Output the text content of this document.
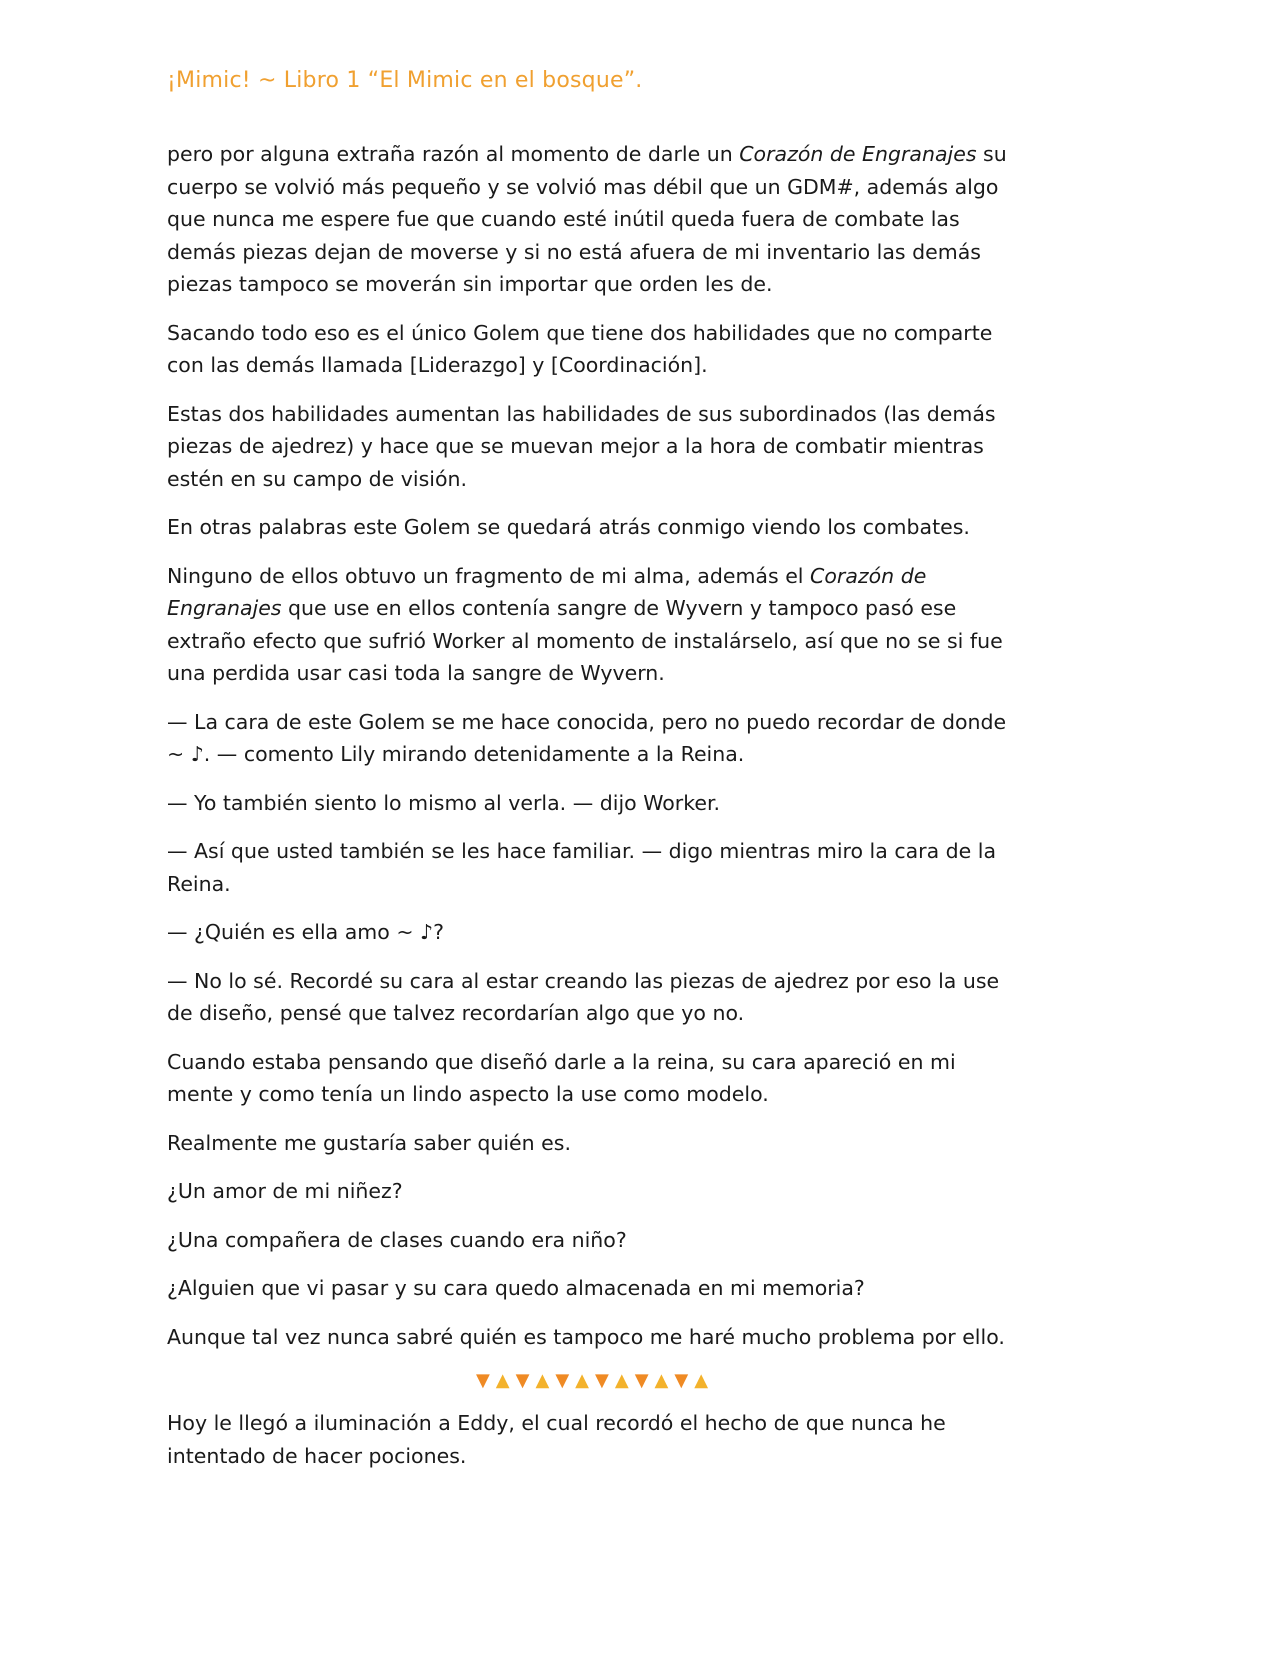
¡Mimic! ~ Libro 1 “El Mimic en el bosque”.

pero por alguna extraña razón al momento de darle un Corazón de Engranajes su cuerpo se volvió más pequeño y se volvió mas débil que un GDM#, además algo que nunca me espere fue que cuando esté inútil queda fuera de combate las demás piezas dejan de moverse y si no está afuera de mi inventario las demás piezas tampoco se moverán sin importar que orden les de.

Sacando todo eso es el único Golem que tiene dos habilidades que no comparte con las demás llamada [Liderazgo] y [Coordinación].

Estas dos habilidades aumentan las habilidades de sus subordinados (las demás piezas de ajedrez) y hace que se muevan mejor a la hora de combatir mientras estén en su campo de visión.

En otras palabras este Golem se quedará atrás conmigo viendo los combates.

Ninguno de ellos obtuvo un fragmento de mi alma, además el Corazón de Engranajes que use en ellos contenía sangre de Wyvern y tampoco pasó ese extraño efecto que sufrió Worker al momento de instalárselo, así que no se si fue una perdida usar casi toda la sangre de Wyvern.

— La cara de este Golem se me hace conocida, pero no puedo recordar de donde ~ ♪. — comento Lily mirando detenidamente a la Reina.

— Yo también siento lo mismo al verla. — dijo Worker.

— Así que usted también se les hace familiar. — digo mientras miro la cara de la Reina.

— ¿Quién es ella amo ~ ♪?

— No lo sé. Recordé su cara al estar creando las piezas de ajedrez por eso la use de diseño, pensé que talvez recordarían algo que yo no.

Cuando estaba pensando que diseñó darle a la reina, su cara apareció en mi mente y como tenía un lindo aspecto la use como modelo.

Realmente me gustaría saber quién es.

¿Un amor de mi niñez?

¿Una compañera de clases cuando era niño?

¿Alguien que vi pasar y su cara quedo almacenada en mi memoria?

Aunque tal vez nunca sabré quién es tampoco me haré mucho problema por ello.

▼▲▼▲▼▲▼▲▼▲▼▲

Hoy le llegó a iluminación a Eddy, el cual recordó el hecho de que nunca he intentado de hacer pociones.
